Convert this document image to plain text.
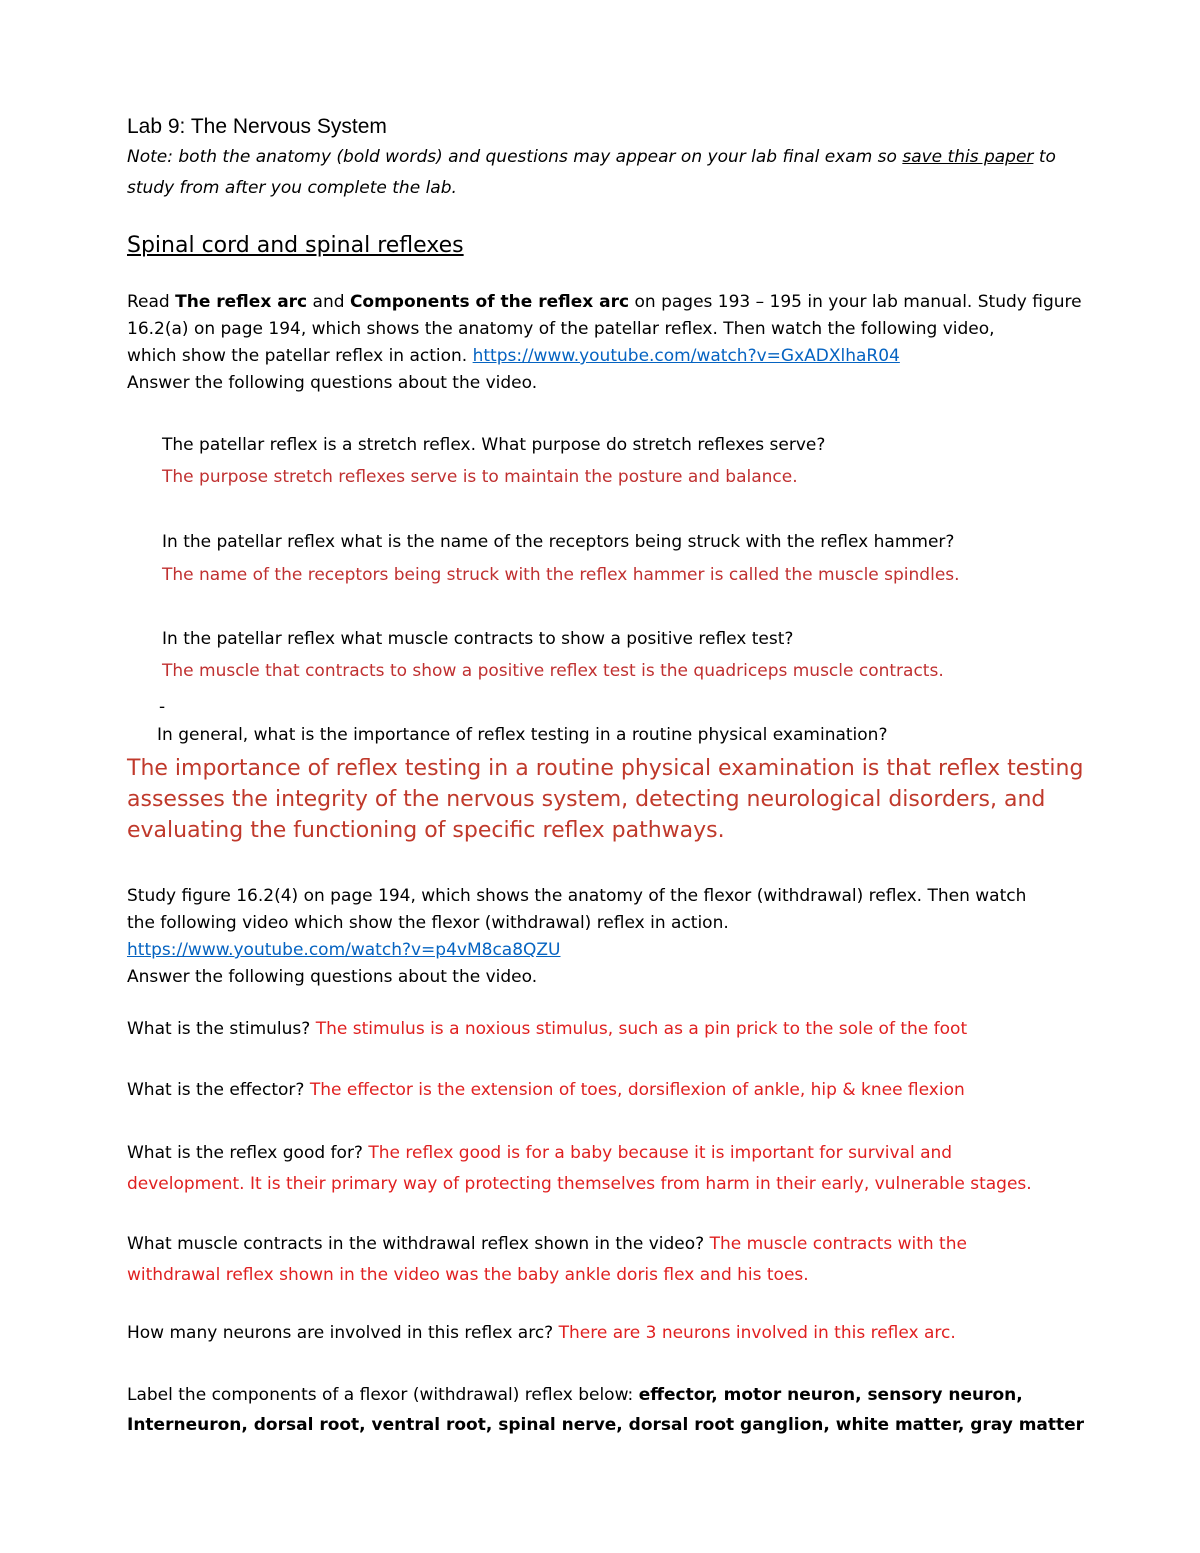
Lab 9: The Nervous System
Note: both the anatomy (bold words) and questions may appear on your lab final exam so save this paper to
study from after you complete the lab.
Spinal cord and spinal reflexes
Read The reflex arc and Components of the reflex arc on pages 193 – 195 in your lab manual. Study figure
16.2(a) on page 194, which shows the anatomy of the patellar reflex. Then watch the following video,
which show the patellar reflex in action. https://www.youtube.com/watch?v=GxADXlhaR04
Answer the following questions about the video.
The patellar reflex is a stretch reflex. What purpose do stretch reflexes serve?
The purpose stretch reflexes serve is to maintain the posture and balance.
In the patellar reflex what is the name of the receptors being struck with the reflex hammer?
The name of the receptors being struck with the reflex hammer is called the muscle spindles.
In the patellar reflex what muscle contracts to show a positive reflex test?
The muscle that contracts to show a positive reflex test is the quadriceps muscle contracts.
-
In general, what is the importance of reflex testing in a routine physical examination?
The importance of reflex testing in a routine physical examination is that reflex testing
assesses the integrity of the nervous system, detecting neurological disorders, and
evaluating the functioning of specific reflex pathways.
Study figure 16.2(4) on page 194, which shows the anatomy of the flexor (withdrawal) reflex. Then watch
the following video which show the flexor (withdrawal) reflex in action.
https://www.youtube.com/watch?v=p4vM8ca8QZU
Answer the following questions about the video.
What is the stimulus? The stimulus is a noxious stimulus, such as a pin prick to the sole of the foot
What is the effector? The effector is the extension of toes, dorsiflexion of ankle, hip & knee flexion
What is the reflex good for? The reflex good is for a baby because it is important for survival and
development. It is their primary way of protecting themselves from harm in their early, vulnerable stages.
What muscle contracts in the withdrawal reflex shown in the video? The muscle contracts with the
withdrawal reflex shown in the video was the baby ankle doris flex and his toes.
How many neurons are involved in this reflex arc? There are 3 neurons involved in this reflex arc.
Label the components of a flexor (withdrawal) reflex below: effector, motor neuron, sensory neuron,
Interneuron, dorsal root, ventral root, spinal nerve, dorsal root ganglion, white matter, gray matter
